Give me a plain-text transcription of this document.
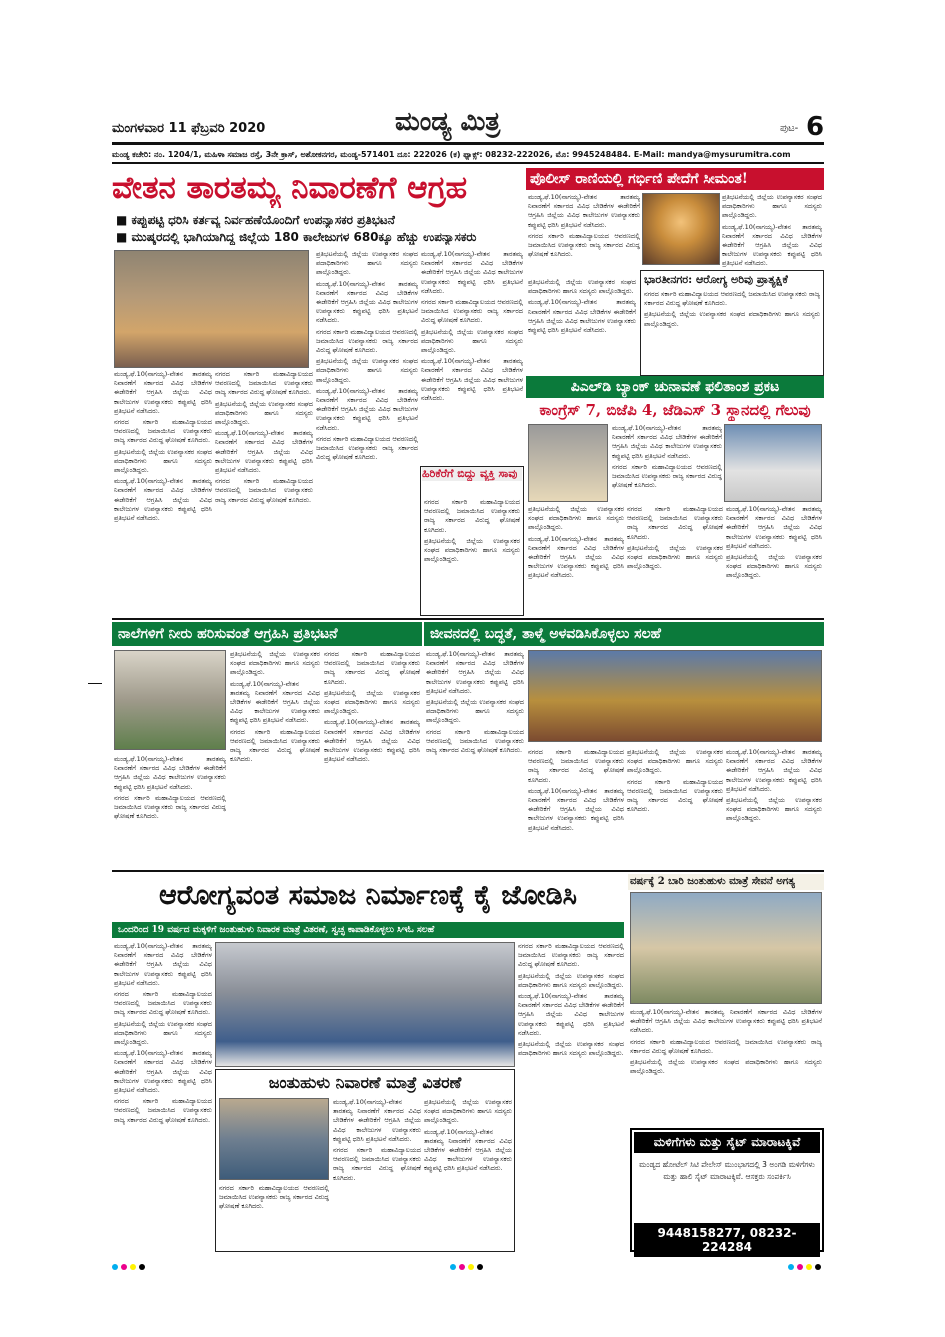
ಮಂಗಳವಾರ 11 ಫೆಬ್ರವರಿ 2020	ಮಂಡ್ಯ ಮಿತ್ರ	ಪುಟ- 6
ಮಂಡ್ಯ ಕಚೇರಿ: ನಂ. 1204/1, ಮಹಿಳಾ ಸಮಾಜ ರಸ್ತೆ, 3ನೇ ಕ್ರಾಸ್, ಅಶೋಕನಗರ, ಮಂಡ್ಯ-571401 ದೂ: 222026 (ಕ) ಫ್ಯಾಕ್ಸ್: 08232-222026, ಮೊ: 9945248484. E-Mail: mandya@mysurumitra.com
ವೇತನ ತಾರತಮ್ಯ ನಿವಾರಣೆಗೆ ಆಗ್ರಹ
■ ಕಪ್ಪುಪಟ್ಟಿ ಧರಿಸಿ ಕರ್ತವ್ಯ ನಿರ್ವಹಣೆಯೊಂದಿಗೆ ಉಪನ್ಯಾಸಕರ ಪ್ರತಿಭಟನೆ
■ ಮುಷ್ಕರದಲ್ಲಿ ಭಾಗಿಯಾಗಿದ್ದ ಜಿಲ್ಲೆಯ 180 ಕಾಲೇಜುಗಳ 680ಕ್ಕೂ ಹೆಚ್ಚು ಉಪನ್ಯಾಸಕರು

ಮಂಡ್ಯ,ಫೆ.10(ನಾಗಯ್ಯ)-ವೇತನ ತಾರತಮ್ಯ ನಿವಾರಣೆಗೆ ಸರ್ಕಾರದ ವಿವಿಧ ಬೇಡಿಕೆಗಳ ಈಡೇರಿಕೆಗೆ ಆಗ್ರಹಿಸಿ ಜಿಲ್ಲೆಯ ವಿವಿಧ ಕಾಲೇಜುಗಳ ಉಪನ್ಯಾಸಕರು ಕಪ್ಪುಪಟ್ಟಿ ಧರಿಸಿ ಪ್ರತಿಭಟನೆ ನಡೆಸಿದರು.

ನಗರದ ಸರ್ಕಾರಿ ಮಹಾವಿದ್ಯಾಲಯದ ಆವರಣದಲ್ಲಿ ಜಮಾಯಿಸಿದ ಉಪನ್ಯಾಸಕರು ರಾಜ್ಯ ಸರ್ಕಾರದ ವಿರುದ್ಧ ಘೋಷಣೆ ಕೂಗಿದರು.

ಪ್ರತಿಭಟನೆಯಲ್ಲಿ ಜಿಲ್ಲೆಯ ಉಪನ್ಯಾಸಕರ ಸಂಘದ ಪದಾಧಿಕಾರಿಗಳು ಹಾಗೂ ಸದಸ್ಯರು ಪಾಲ್ಗೊಂಡಿದ್ದರು.

ಮಂಡ್ಯ,ಫೆ.10(ನಾಗಯ್ಯ)-ವೇತನ ತಾರತಮ್ಯ ನಿವಾರಣೆಗೆ ಸರ್ಕಾರದ ವಿವಿಧ ಬೇಡಿಕೆಗಳ ಈಡೇರಿಕೆಗೆ ಆಗ್ರಹಿಸಿ ಜಿಲ್ಲೆಯ ವಿವಿಧ ಕಾಲೇಜುಗಳ ಉಪನ್ಯಾಸಕರು ಕಪ್ಪುಪಟ್ಟಿ ಧರಿಸಿ ಪ್ರತಿಭಟನೆ ನಡೆಸಿದರು.

ನಗರದ ಸರ್ಕಾರಿ ಮಹಾವಿದ್ಯಾಲಯದ ಆವರಣದಲ್ಲಿ ಜಮಾಯಿಸಿದ ಉಪನ್ಯಾಸಕರು ರಾಜ್ಯ ಸರ್ಕಾರದ ವಿರುದ್ಧ ಘೋಷಣೆ ಕೂಗಿದರು.

ಪ್ರತಿಭಟನೆಯಲ್ಲಿ ಜಿಲ್ಲೆಯ ಉಪನ್ಯಾಸಕರ ಸಂಘದ ಪದಾಧಿಕಾರಿಗಳು ಹಾಗೂ ಸದಸ್ಯರು ಪಾಲ್ಗೊಂಡಿದ್ದರು.

ಮಂಡ್ಯ,ಫೆ.10(ನಾಗಯ್ಯ)-ವೇತನ ತಾರತಮ್ಯ ನಿವಾರಣೆಗೆ ಸರ್ಕಾರದ ವಿವಿಧ ಬೇಡಿಕೆಗಳ ಈಡೇರಿಕೆಗೆ ಆಗ್ರಹಿಸಿ ಜಿಲ್ಲೆಯ ವಿವಿಧ ಕಾಲೇಜುಗಳ ಉಪನ್ಯಾಸಕರು ಕಪ್ಪುಪಟ್ಟಿ ಧರಿಸಿ ಪ್ರತಿಭಟನೆ ನಡೆಸಿದರು.

ನಗರದ ಸರ್ಕಾರಿ ಮಹಾವಿದ್ಯಾಲಯದ ಆವರಣದಲ್ಲಿ ಜಮಾಯಿಸಿದ ಉಪನ್ಯಾಸಕರು ರಾಜ್ಯ ಸರ್ಕಾರದ ವಿರುದ್ಧ ಘೋಷಣೆ ಕೂಗಿದರು.

ಪ್ರತಿಭಟನೆಯಲ್ಲಿ ಜಿಲ್ಲೆಯ ಉಪನ್ಯಾಸಕರ ಸಂಘದ ಪದಾಧಿಕಾರಿಗಳು ಹಾಗೂ ಸದಸ್ಯರು ಪಾಲ್ಗೊಂಡಿದ್ದರು.

ಮಂಡ್ಯ,ಫೆ.10(ನಾಗಯ್ಯ)-ವೇತನ ತಾರತಮ್ಯ ನಿವಾರಣೆಗೆ ಸರ್ಕಾರದ ವಿವಿಧ ಬೇಡಿಕೆಗಳ ಈಡೇರಿಕೆಗೆ ಆಗ್ರಹಿಸಿ ಜಿಲ್ಲೆಯ ವಿವಿಧ ಕಾಲೇಜುಗಳ ಉಪನ್ಯಾಸಕರು ಕಪ್ಪುಪಟ್ಟಿ ಧರಿಸಿ ಪ್ರತಿಭಟನೆ ನಡೆಸಿದರು.

ನಗರದ ಸರ್ಕಾರಿ ಮಹಾವಿದ್ಯಾಲಯದ ಆವರಣದಲ್ಲಿ ಜಮಾಯಿಸಿದ ಉಪನ್ಯಾಸಕರು ರಾಜ್ಯ ಸರ್ಕಾರದ ವಿರುದ್ಧ ಘೋಷಣೆ ಕೂಗಿದರು.

ಪ್ರತಿಭಟನೆಯಲ್ಲಿ ಜಿಲ್ಲೆಯ ಉಪನ್ಯಾಸಕರ ಸಂಘದ ಪದಾಧಿಕಾರಿಗಳು ಹಾಗೂ ಸದಸ್ಯರು ಪಾಲ್ಗೊಂಡಿದ್ದರು.

ಮಂಡ್ಯ,ಫೆ.10(ನಾಗಯ್ಯ)-ವೇತನ ತಾರತಮ್ಯ ನಿವಾರಣೆಗೆ ಸರ್ಕಾರದ ವಿವಿಧ ಬೇಡಿಕೆಗಳ ಈಡೇರಿಕೆಗೆ ಆಗ್ರಹಿಸಿ ಜಿಲ್ಲೆಯ ವಿವಿಧ ಕಾಲೇಜುಗಳ ಉಪನ್ಯಾಸಕರು ಕಪ್ಪುಪಟ್ಟಿ ಧರಿಸಿ ಪ್ರತಿಭಟನೆ ನಡೆಸಿದರು.

ನಗರದ ಸರ್ಕಾರಿ ಮಹಾವಿದ್ಯಾಲಯದ ಆವರಣದಲ್ಲಿ ಜಮಾಯಿಸಿದ ಉಪನ್ಯಾಸಕರು ರಾಜ್ಯ ಸರ್ಕಾರದ ವಿರುದ್ಧ ಘೋಷಣೆ ಕೂಗಿದರು.

ಮಂಡ್ಯ,ಫೆ.10(ನಾಗಯ್ಯ)-ವೇತನ ತಾರತಮ್ಯ ನಿವಾರಣೆಗೆ ಸರ್ಕಾರದ ವಿವಿಧ ಬೇಡಿಕೆಗಳ ಈಡೇರಿಕೆಗೆ ಆಗ್ರಹಿಸಿ ಜಿಲ್ಲೆಯ ವಿವಿಧ ಕಾಲೇಜುಗಳ ಉಪನ್ಯಾಸಕರು ಕಪ್ಪುಪಟ್ಟಿ ಧರಿಸಿ ಪ್ರತಿಭಟನೆ ನಡೆಸಿದರು.

ನಗರದ ಸರ್ಕಾರಿ ಮಹಾವಿದ್ಯಾಲಯದ ಆವರಣದಲ್ಲಿ ಜಮಾಯಿಸಿದ ಉಪನ್ಯಾಸಕರು ರಾಜ್ಯ ಸರ್ಕಾರದ ವಿರುದ್ಧ ಘೋಷಣೆ ಕೂಗಿದರು.

ಪ್ರತಿಭಟನೆಯಲ್ಲಿ ಜಿಲ್ಲೆಯ ಉಪನ್ಯಾಸಕರ ಸಂಘದ ಪದಾಧಿಕಾರಿಗಳು ಹಾಗೂ ಸದಸ್ಯರು ಪಾಲ್ಗೊಂಡಿದ್ದರು.

ಮಂಡ್ಯ,ಫೆ.10(ನಾಗಯ್ಯ)-ವೇತನ ತಾರತಮ್ಯ ನಿವಾರಣೆಗೆ ಸರ್ಕಾರದ ವಿವಿಧ ಬೇಡಿಕೆಗಳ ಈಡೇರಿಕೆಗೆ ಆಗ್ರಹಿಸಿ ಜಿಲ್ಲೆಯ ವಿವಿಧ ಕಾಲೇಜುಗಳ ಉಪನ್ಯಾಸಕರು ಕಪ್ಪುಪಟ್ಟಿ ಧರಿಸಿ ಪ್ರತಿಭಟನೆ ನಡೆಸಿದರು.

ಹಿರಿಕೆರೆಗೆ ಬಿದ್ದು ವ್ಯಕ್ತಿ ಸಾವು

ನಗರದ ಸರ್ಕಾರಿ ಮಹಾವಿದ್ಯಾಲಯದ ಆವರಣದಲ್ಲಿ ಜಮಾಯಿಸಿದ ಉಪನ್ಯಾಸಕರು ರಾಜ್ಯ ಸರ್ಕಾರದ ವಿರುದ್ಧ ಘೋಷಣೆ ಕೂಗಿದರು.

ಪ್ರತಿಭಟನೆಯಲ್ಲಿ ಜಿಲ್ಲೆಯ ಉಪನ್ಯಾಸಕರ ಸಂಘದ ಪದಾಧಿಕಾರಿಗಳು ಹಾಗೂ ಸದಸ್ಯರು ಪಾಲ್ಗೊಂಡಿದ್ದರು.

ಪೊಲೀಸ್ ರಾಣಿಯಲ್ಲಿ ಗರ್ಭಿಣಿ ಪೇದೆಗೆ ಸೀಮಂತ!

ಮಂಡ್ಯ,ಫೆ.10(ನಾಗಯ್ಯ)-ವೇತನ ತಾರತಮ್ಯ ನಿವಾರಣೆಗೆ ಸರ್ಕಾರದ ವಿವಿಧ ಬೇಡಿಕೆಗಳ ಈಡೇರಿಕೆಗೆ ಆಗ್ರಹಿಸಿ ಜಿಲ್ಲೆಯ ವಿವಿಧ ಕಾಲೇಜುಗಳ ಉಪನ್ಯಾಸಕರು ಕಪ್ಪುಪಟ್ಟಿ ಧರಿಸಿ ಪ್ರತಿಭಟನೆ ನಡೆಸಿದರು.

ನಗರದ ಸರ್ಕಾರಿ ಮಹಾವಿದ್ಯಾಲಯದ ಆವರಣದಲ್ಲಿ ಜಮಾಯಿಸಿದ ಉಪನ್ಯಾಸಕರು ರಾಜ್ಯ ಸರ್ಕಾರದ ವಿರುದ್ಧ ಘೋಷಣೆ ಕೂಗಿದರು.

ಪ್ರತಿಭಟನೆಯಲ್ಲಿ ಜಿಲ್ಲೆಯ ಉಪನ್ಯಾಸಕರ ಸಂಘದ ಪದಾಧಿಕಾರಿಗಳು ಹಾಗೂ ಸದಸ್ಯರು ಪಾಲ್ಗೊಂಡಿದ್ದರು.

ಮಂಡ್ಯ,ಫೆ.10(ನಾಗಯ್ಯ)-ವೇತನ ತಾರತಮ್ಯ ನಿವಾರಣೆಗೆ ಸರ್ಕಾರದ ವಿವಿಧ ಬೇಡಿಕೆಗಳ ಈಡೇರಿಕೆಗೆ ಆಗ್ರಹಿಸಿ ಜಿಲ್ಲೆಯ ವಿವಿಧ ಕಾಲೇಜುಗಳ ಉಪನ್ಯಾಸಕರು ಕಪ್ಪುಪಟ್ಟಿ ಧರಿಸಿ ಪ್ರತಿಭಟನೆ ನಡೆಸಿದರು.

ಭಾರತೀನಗರ: ಆರೋಗ್ಯ ಅರಿವು ಪ್ರಾತ್ಯಕ್ಷಿಕೆ

ನಗರದ ಸರ್ಕಾರಿ ಮಹಾವಿದ್ಯಾಲಯದ ಆವರಣದಲ್ಲಿ ಜಮಾಯಿಸಿದ ಉಪನ್ಯಾಸಕರು ರಾಜ್ಯ ಸರ್ಕಾರದ ವಿರುದ್ಧ ಘೋಷಣೆ ಕೂಗಿದರು.

ಪ್ರತಿಭಟನೆಯಲ್ಲಿ ಜಿಲ್ಲೆಯ ಉಪನ್ಯಾಸಕರ ಸಂಘದ ಪದಾಧಿಕಾರಿಗಳು ಹಾಗೂ ಸದಸ್ಯರು ಪಾಲ್ಗೊಂಡಿದ್ದರು.

ಪ್ರತಿಭಟನೆಯಲ್ಲಿ ಜಿಲ್ಲೆಯ ಉಪನ್ಯಾಸಕರ ಸಂಘದ ಪದಾಧಿಕಾರಿಗಳು ಹಾಗೂ ಸದಸ್ಯರು ಪಾಲ್ಗೊಂಡಿದ್ದರು.

ಮಂಡ್ಯ,ಫೆ.10(ನಾಗಯ್ಯ)-ವೇತನ ತಾರತಮ್ಯ ನಿವಾರಣೆಗೆ ಸರ್ಕಾರದ ವಿವಿಧ ಬೇಡಿಕೆಗಳ ಈಡೇರಿಕೆಗೆ ಆಗ್ರಹಿಸಿ ಜಿಲ್ಲೆಯ ವಿವಿಧ ಕಾಲೇಜುಗಳ ಉಪನ್ಯಾಸಕರು ಕಪ್ಪುಪಟ್ಟಿ ಧರಿಸಿ ಪ್ರತಿಭಟನೆ ನಡೆಸಿದರು.

ಪಿಎಲ್‌ಡಿ ಬ್ಯಾಂಕ್ ಚುನಾವಣೆ ಫಲಿತಾಂಶ ಪ್ರಕಟ
ಕಾಂಗ್ರೆಸ್ 7, ಬಿಜೆಪಿ 4, ಜೆಡಿಎಸ್ 3 ಸ್ಥಾನದಲ್ಲಿ ಗೆಲುವು

ಮಂಡ್ಯ,ಫೆ.10(ನಾಗಯ್ಯ)-ವೇತನ ತಾರತಮ್ಯ ನಿವಾರಣೆಗೆ ಸರ್ಕಾರದ ವಿವಿಧ ಬೇಡಿಕೆಗಳ ಈಡೇರಿಕೆಗೆ ಆಗ್ರಹಿಸಿ ಜಿಲ್ಲೆಯ ವಿವಿಧ ಕಾಲೇಜುಗಳ ಉಪನ್ಯಾಸಕರು ಕಪ್ಪುಪಟ್ಟಿ ಧರಿಸಿ ಪ್ರತಿಭಟನೆ ನಡೆಸಿದರು.

ನಗರದ ಸರ್ಕಾರಿ ಮಹಾವಿದ್ಯಾಲಯದ ಆವರಣದಲ್ಲಿ ಜಮಾಯಿಸಿದ ಉಪನ್ಯಾಸಕರು ರಾಜ್ಯ ಸರ್ಕಾರದ ವಿರುದ್ಧ ಘೋಷಣೆ ಕೂಗಿದರು.

ಪ್ರತಿಭಟನೆಯಲ್ಲಿ ಜಿಲ್ಲೆಯ ಉಪನ್ಯಾಸಕರ ಸಂಘದ ಪದಾಧಿಕಾರಿಗಳು ಹಾಗೂ ಸದಸ್ಯರು ಪಾಲ್ಗೊಂಡಿದ್ದರು.

ಮಂಡ್ಯ,ಫೆ.10(ನಾಗಯ್ಯ)-ವೇತನ ತಾರತಮ್ಯ ನಿವಾರಣೆಗೆ ಸರ್ಕಾರದ ವಿವಿಧ ಬೇಡಿಕೆಗಳ ಈಡೇರಿಕೆಗೆ ಆಗ್ರಹಿಸಿ ಜಿಲ್ಲೆಯ ವಿವಿಧ ಕಾಲೇಜುಗಳ ಉಪನ್ಯಾಸಕರು ಕಪ್ಪುಪಟ್ಟಿ ಧರಿಸಿ ಪ್ರತಿಭಟನೆ ನಡೆಸಿದರು.

ನಗರದ ಸರ್ಕಾರಿ ಮಹಾವಿದ್ಯಾಲಯದ ಆವರಣದಲ್ಲಿ ಜಮಾಯಿಸಿದ ಉಪನ್ಯಾಸಕರು ರಾಜ್ಯ ಸರ್ಕಾರದ ವಿರುದ್ಧ ಘೋಷಣೆ ಕೂಗಿದರು.

ಪ್ರತಿಭಟನೆಯಲ್ಲಿ ಜಿಲ್ಲೆಯ ಉಪನ್ಯಾಸಕರ ಸಂಘದ ಪದಾಧಿಕಾರಿಗಳು ಹಾಗೂ ಸದಸ್ಯರು ಪಾಲ್ಗೊಂಡಿದ್ದರು.

ಮಂಡ್ಯ,ಫೆ.10(ನಾಗಯ್ಯ)-ವೇತನ ತಾರತಮ್ಯ ನಿವಾರಣೆಗೆ ಸರ್ಕಾರದ ವಿವಿಧ ಬೇಡಿಕೆಗಳ ಈಡೇರಿಕೆಗೆ ಆಗ್ರಹಿಸಿ ಜಿಲ್ಲೆಯ ವಿವಿಧ ಕಾಲೇಜುಗಳ ಉಪನ್ಯಾಸಕರು ಕಪ್ಪುಪಟ್ಟಿ ಧರಿಸಿ ಪ್ರತಿಭಟನೆ ನಡೆಸಿದರು.

ಪ್ರತಿಭಟನೆಯಲ್ಲಿ ಜಿಲ್ಲೆಯ ಉಪನ್ಯಾಸಕರ ಸಂಘದ ಪದಾಧಿಕಾರಿಗಳು ಹಾಗೂ ಸದಸ್ಯರು ಪಾಲ್ಗೊಂಡಿದ್ದರು.

ನಾಲೆಗಳಿಗೆ ನೀರು ಹರಿಸುವಂತೆ ಆಗ್ರಹಿಸಿ ಪ್ರತಿಭಟನೆ	ಜೀವನದಲ್ಲಿ ಬದ್ಧತೆ, ತಾಳ್ಮೆ ಅಳವಡಿಸಿಕೊಳ್ಳಲು ಸಲಹೆ

ಮಂಡ್ಯ,ಫೆ.10(ನಾಗಯ್ಯ)-ವೇತನ ತಾರತಮ್ಯ ನಿವಾರಣೆಗೆ ಸರ್ಕಾರದ ವಿವಿಧ ಬೇಡಿಕೆಗಳ ಈಡೇರಿಕೆಗೆ ಆಗ್ರಹಿಸಿ ಜಿಲ್ಲೆಯ ವಿವಿಧ ಕಾಲೇಜುಗಳ ಉಪನ್ಯಾಸಕರು ಕಪ್ಪುಪಟ್ಟಿ ಧರಿಸಿ ಪ್ರತಿಭಟನೆ ನಡೆಸಿದರು.

ನಗರದ ಸರ್ಕಾರಿ ಮಹಾವಿದ್ಯಾಲಯದ ಆವರಣದಲ್ಲಿ ಜಮಾಯಿಸಿದ ಉಪನ್ಯಾಸಕರು ರಾಜ್ಯ ಸರ್ಕಾರದ ವಿರುದ್ಧ ಘೋಷಣೆ ಕೂಗಿದರು.

ಪ್ರತಿಭಟನೆಯಲ್ಲಿ ಜಿಲ್ಲೆಯ ಉಪನ್ಯಾಸಕರ ಸಂಘದ ಪದಾಧಿಕಾರಿಗಳು ಹಾಗೂ ಸದಸ್ಯರು ಪಾಲ್ಗೊಂಡಿದ್ದರು.

ಮಂಡ್ಯ,ಫೆ.10(ನಾಗಯ್ಯ)-ವೇತನ ತಾರತಮ್ಯ ನಿವಾರಣೆಗೆ ಸರ್ಕಾರದ ವಿವಿಧ ಬೇಡಿಕೆಗಳ ಈಡೇರಿಕೆಗೆ ಆಗ್ರಹಿಸಿ ಜಿಲ್ಲೆಯ ವಿವಿಧ ಕಾಲೇಜುಗಳ ಉಪನ್ಯಾಸಕರು ಕಪ್ಪುಪಟ್ಟಿ ಧರಿಸಿ ಪ್ರತಿಭಟನೆ ನಡೆಸಿದರು.

ನಗರದ ಸರ್ಕಾರಿ ಮಹಾವಿದ್ಯಾಲಯದ ಆವರಣದಲ್ಲಿ ಜಮಾಯಿಸಿದ ಉಪನ್ಯಾಸಕರು ರಾಜ್ಯ ಸರ್ಕಾರದ ವಿರುದ್ಧ ಘೋಷಣೆ ಕೂಗಿದರು.

ನಗರದ ಸರ್ಕಾರಿ ಮಹಾವಿದ್ಯಾಲಯದ ಆವರಣದಲ್ಲಿ ಜಮಾಯಿಸಿದ ಉಪನ್ಯಾಸಕರು ರಾಜ್ಯ ಸರ್ಕಾರದ ವಿರುದ್ಧ ಘೋಷಣೆ ಕೂಗಿದರು.

ಪ್ರತಿಭಟನೆಯಲ್ಲಿ ಜಿಲ್ಲೆಯ ಉಪನ್ಯಾಸಕರ ಸಂಘದ ಪದಾಧಿಕಾರಿಗಳು ಹಾಗೂ ಸದಸ್ಯರು ಪಾಲ್ಗೊಂಡಿದ್ದರು.

ಮಂಡ್ಯ,ಫೆ.10(ನಾಗಯ್ಯ)-ವೇತನ ತಾರತಮ್ಯ ನಿವಾರಣೆಗೆ ಸರ್ಕಾರದ ವಿವಿಧ ಬೇಡಿಕೆಗಳ ಈಡೇರಿಕೆಗೆ ಆಗ್ರಹಿಸಿ ಜಿಲ್ಲೆಯ ವಿವಿಧ ಕಾಲೇಜುಗಳ ಉಪನ್ಯಾಸಕರು ಕಪ್ಪುಪಟ್ಟಿ ಧರಿಸಿ ಪ್ರತಿಭಟನೆ ನಡೆಸಿದರು.

ಮಂಡ್ಯ,ಫೆ.10(ನಾಗಯ್ಯ)-ವೇತನ ತಾರತಮ್ಯ ನಿವಾರಣೆಗೆ ಸರ್ಕಾರದ ವಿವಿಧ ಬೇಡಿಕೆಗಳ ಈಡೇರಿಕೆಗೆ ಆಗ್ರಹಿಸಿ ಜಿಲ್ಲೆಯ ವಿವಿಧ ಕಾಲೇಜುಗಳ ಉಪನ್ಯಾಸಕರು ಕಪ್ಪುಪಟ್ಟಿ ಧರಿಸಿ ಪ್ರತಿಭಟನೆ ನಡೆಸಿದರು.

ಪ್ರತಿಭಟನೆಯಲ್ಲಿ ಜಿಲ್ಲೆಯ ಉಪನ್ಯಾಸಕರ ಸಂಘದ ಪದಾಧಿಕಾರಿಗಳು ಹಾಗೂ ಸದಸ್ಯರು ಪಾಲ್ಗೊಂಡಿದ್ದರು.

ನಗರದ ಸರ್ಕಾರಿ ಮಹಾವಿದ್ಯಾಲಯದ ಆವರಣದಲ್ಲಿ ಜಮಾಯಿಸಿದ ಉಪನ್ಯಾಸಕರು ರಾಜ್ಯ ಸರ್ಕಾರದ ವಿರುದ್ಧ ಘೋಷಣೆ ಕೂಗಿದರು. ನಗರದ ಸರ್ಕಾರಿ ಮಹಾವಿದ್ಯಾಲಯದ ಆವರಣದಲ್ಲಿ ಜಮಾಯಿಸಿದ ಉಪನ್ಯಾಸಕರು ರಾಜ್ಯ ಸರ್ಕಾರದ ವಿರುದ್ಧ ಘೋಷಣೆ ಕೂಗಿದರು.

ಮಂಡ್ಯ,ಫೆ.10(ನಾಗಯ್ಯ)-ವೇತನ ತಾರತಮ್ಯ ನಿವಾರಣೆಗೆ ಸರ್ಕಾರದ ವಿವಿಧ ಬೇಡಿಕೆಗಳ ಈಡೇರಿಕೆಗೆ ಆಗ್ರಹಿಸಿ ಜಿಲ್ಲೆಯ ವಿವಿಧ ಕಾಲೇಜುಗಳ ಉಪನ್ಯಾಸಕರು ಕಪ್ಪುಪಟ್ಟಿ ಧರಿಸಿ ಪ್ರತಿಭಟನೆ ನಡೆಸಿದರು.

ಪ್ರತಿಭಟನೆಯಲ್ಲಿ ಜಿಲ್ಲೆಯ ಉಪನ್ಯಾಸಕರ ಸಂಘದ ಪದಾಧಿಕಾರಿಗಳು ಹಾಗೂ ಸದಸ್ಯರು ಪಾಲ್ಗೊಂಡಿದ್ದರು.

ನಗರದ ಸರ್ಕಾರಿ ಮಹಾವಿದ್ಯಾಲಯದ ಆವರಣದಲ್ಲಿ ಜಮಾಯಿಸಿದ ಉಪನ್ಯಾಸಕರು ರಾಜ್ಯ ಸರ್ಕಾರದ ವಿರುದ್ಧ ಘೋಷಣೆ ಕೂಗಿದರು.

ಮಂಡ್ಯ,ಫೆ.10(ನಾಗಯ್ಯ)-ವೇತನ ತಾರತಮ್ಯ ನಿವಾರಣೆಗೆ ಸರ್ಕಾರದ ವಿವಿಧ ಬೇಡಿಕೆಗಳ ಈಡೇರಿಕೆಗೆ ಆಗ್ರಹಿಸಿ ಜಿಲ್ಲೆಯ ವಿವಿಧ ಕಾಲೇಜುಗಳ ಉಪನ್ಯಾಸಕರು ಕಪ್ಪುಪಟ್ಟಿ ಧರಿಸಿ ಪ್ರತಿಭಟನೆ ನಡೆಸಿದರು.

ಪ್ರತಿಭಟನೆಯಲ್ಲಿ ಜಿಲ್ಲೆಯ ಉಪನ್ಯಾಸಕರ ಸಂಘದ ಪದಾಧಿಕಾರಿಗಳು ಹಾಗೂ ಸದಸ್ಯರು ಪಾಲ್ಗೊಂಡಿದ್ದರು.

ಆರೋಗ್ಯವಂತ ಸಮಾಜ ನಿರ್ಮಾಣಕ್ಕೆ ಕೈ ಜೋಡಿಸಿ
ಒಂದರಿಂದ 19 ವರ್ಷದ ಮಕ್ಕಳಿಗೆ ಜಂತುಹುಳು ನಿವಾರಕ ಮಾತ್ರೆ ವಿತರಣೆ, ಸ್ವಚ್ಛ ಕಾಪಾಡಿಕೊಳ್ಳಲು ಸಿಇಓ ಸಲಹೆ

ಮಂಡ್ಯ,ಫೆ.10(ನಾಗಯ್ಯ)-ವೇತನ ತಾರತಮ್ಯ ನಿವಾರಣೆಗೆ ಸರ್ಕಾರದ ವಿವಿಧ ಬೇಡಿಕೆಗಳ ಈಡೇರಿಕೆಗೆ ಆಗ್ರಹಿಸಿ ಜಿಲ್ಲೆಯ ವಿವಿಧ ಕಾಲೇಜುಗಳ ಉಪನ್ಯಾಸಕರು ಕಪ್ಪುಪಟ್ಟಿ ಧರಿಸಿ ಪ್ರತಿಭಟನೆ ನಡೆಸಿದರು.

ನಗರದ ಸರ್ಕಾರಿ ಮಹಾವಿದ್ಯಾಲಯದ ಆವರಣದಲ್ಲಿ ಜಮಾಯಿಸಿದ ಉಪನ್ಯಾಸಕರು ರಾಜ್ಯ ಸರ್ಕಾರದ ವಿರುದ್ಧ ಘೋಷಣೆ ಕೂಗಿದರು.

ಪ್ರತಿಭಟನೆಯಲ್ಲಿ ಜಿಲ್ಲೆಯ ಉಪನ್ಯಾಸಕರ ಸಂಘದ ಪದಾಧಿಕಾರಿಗಳು ಹಾಗೂ ಸದಸ್ಯರು ಪಾಲ್ಗೊಂಡಿದ್ದರು.

ಮಂಡ್ಯ,ಫೆ.10(ನಾಗಯ್ಯ)-ವೇತನ ತಾರತಮ್ಯ ನಿವಾರಣೆಗೆ ಸರ್ಕಾರದ ವಿವಿಧ ಬೇಡಿಕೆಗಳ ಈಡೇರಿಕೆಗೆ ಆಗ್ರಹಿಸಿ ಜಿಲ್ಲೆಯ ವಿವಿಧ ಕಾಲೇಜುಗಳ ಉಪನ್ಯಾಸಕರು ಕಪ್ಪುಪಟ್ಟಿ ಧರಿಸಿ ಪ್ರತಿಭಟನೆ ನಡೆಸಿದರು.

ನಗರದ ಸರ್ಕಾರಿ ಮಹಾವಿದ್ಯಾಲಯದ ಆವರಣದಲ್ಲಿ ಜಮಾಯಿಸಿದ ಉಪನ್ಯಾಸಕರು ರಾಜ್ಯ ಸರ್ಕಾರದ ವಿರುದ್ಧ ಘೋಷಣೆ ಕೂಗಿದರು.

ನಗರದ ಸರ್ಕಾರಿ ಮಹಾವಿದ್ಯಾಲಯದ ಆವರಣದಲ್ಲಿ ಜಮಾಯಿಸಿದ ಉಪನ್ಯಾಸಕರು ರಾಜ್ಯ ಸರ್ಕಾರದ ವಿರುದ್ಧ ಘೋಷಣೆ ಕೂಗಿದರು.

ಪ್ರತಿಭಟನೆಯಲ್ಲಿ ಜಿಲ್ಲೆಯ ಉಪನ್ಯಾಸಕರ ಸಂಘದ ಪದಾಧಿಕಾರಿಗಳು ಹಾಗೂ ಸದಸ್ಯರು ಪಾಲ್ಗೊಂಡಿದ್ದರು.

ಮಂಡ್ಯ,ಫೆ.10(ನಾಗಯ್ಯ)-ವೇತನ ತಾರತಮ್ಯ ನಿವಾರಣೆಗೆ ಸರ್ಕಾರದ ವಿವಿಧ ಬೇಡಿಕೆಗಳ ಈಡೇರಿಕೆಗೆ ಆಗ್ರಹಿಸಿ ಜಿಲ್ಲೆಯ ವಿವಿಧ ಕಾಲೇಜುಗಳ ಉಪನ್ಯಾಸಕರು ಕಪ್ಪುಪಟ್ಟಿ ಧರಿಸಿ ಪ್ರತಿಭಟನೆ ನಡೆಸಿದರು.

ಪ್ರತಿಭಟನೆಯಲ್ಲಿ ಜಿಲ್ಲೆಯ ಉಪನ್ಯಾಸಕರ ಸಂಘದ ಪದಾಧಿಕಾರಿಗಳು ಹಾಗೂ ಸದಸ್ಯರು ಪಾಲ್ಗೊಂಡಿದ್ದರು.

ಜಂತುಹುಳು ನಿವಾರಣೆ ಮಾತ್ರೆ ವಿತರಣೆ

ಮಂಡ್ಯ,ಫೆ.10(ನಾಗಯ್ಯ)-ವೇತನ ತಾರತಮ್ಯ ನಿವಾರಣೆಗೆ ಸರ್ಕಾರದ ವಿವಿಧ ಬೇಡಿಕೆಗಳ ಈಡೇರಿಕೆಗೆ ಆಗ್ರಹಿಸಿ ಜಿಲ್ಲೆಯ ವಿವಿಧ ಕಾಲೇಜುಗಳ ಉಪನ್ಯಾಸಕರು ಕಪ್ಪುಪಟ್ಟಿ ಧರಿಸಿ ಪ್ರತಿಭಟನೆ ನಡೆಸಿದರು.

ನಗರದ ಸರ್ಕಾರಿ ಮಹಾವಿದ್ಯಾಲಯದ ಆವರಣದಲ್ಲಿ ಜಮಾಯಿಸಿದ ಉಪನ್ಯಾಸಕರು ರಾಜ್ಯ ಸರ್ಕಾರದ ವಿರುದ್ಧ ಘೋಷಣೆ ಕೂಗಿದರು.

ಪ್ರತಿಭಟನೆಯಲ್ಲಿ ಜಿಲ್ಲೆಯ ಉಪನ್ಯಾಸಕರ ಸಂಘದ ಪದಾಧಿಕಾರಿಗಳು ಹಾಗೂ ಸದಸ್ಯರು ಪಾಲ್ಗೊಂಡಿದ್ದರು.

ಮಂಡ್ಯ,ಫೆ.10(ನಾಗಯ್ಯ)-ವೇತನ ತಾರತಮ್ಯ ನಿವಾರಣೆಗೆ ಸರ್ಕಾರದ ವಿವಿಧ ಬೇಡಿಕೆಗಳ ಈಡೇರಿಕೆಗೆ ಆಗ್ರಹಿಸಿ ಜಿಲ್ಲೆಯ ವಿವಿಧ ಕಾಲೇಜುಗಳ ಉಪನ್ಯಾಸಕರು ಕಪ್ಪುಪಟ್ಟಿ ಧರಿಸಿ ಪ್ರತಿಭಟನೆ ನಡೆಸಿದರು.

ನಗರದ ಸರ್ಕಾರಿ ಮಹಾವಿದ್ಯಾಲಯದ ಆವರಣದಲ್ಲಿ ಜಮಾಯಿಸಿದ ಉಪನ್ಯಾಸಕರು ರಾಜ್ಯ ಸರ್ಕಾರದ ವಿರುದ್ಧ ಘೋಷಣೆ ಕೂಗಿದರು.

ವರ್ಷಕ್ಕೆ 2 ಬಾರಿ ಜಂತುಹುಳು ಮಾತ್ರೆ ಸೇವನೆ ಅಗತ್ಯ

ಮಂಡ್ಯ,ಫೆ.10(ನಾಗಯ್ಯ)-ವೇತನ ತಾರತಮ್ಯ ನಿವಾರಣೆಗೆ ಸರ್ಕಾರದ ವಿವಿಧ ಬೇಡಿಕೆಗಳ ಈಡೇರಿಕೆಗೆ ಆಗ್ರಹಿಸಿ ಜಿಲ್ಲೆಯ ವಿವಿಧ ಕಾಲೇಜುಗಳ ಉಪನ್ಯಾಸಕರು ಕಪ್ಪುಪಟ್ಟಿ ಧರಿಸಿ ಪ್ರತಿಭಟನೆ ನಡೆಸಿದರು.

ನಗರದ ಸರ್ಕಾರಿ ಮಹಾವಿದ್ಯಾಲಯದ ಆವರಣದಲ್ಲಿ ಜಮಾಯಿಸಿದ ಉಪನ್ಯಾಸಕರು ರಾಜ್ಯ ಸರ್ಕಾರದ ವಿರುದ್ಧ ಘೋಷಣೆ ಕೂಗಿದರು.

ಪ್ರತಿಭಟನೆಯಲ್ಲಿ ಜಿಲ್ಲೆಯ ಉಪನ್ಯಾಸಕರ ಸಂಘದ ಪದಾಧಿಕಾರಿಗಳು ಹಾಗೂ ಸದಸ್ಯರು ಪಾಲ್ಗೊಂಡಿದ್ದರು.

ಮಳಿಗೆಗಳು ಮತ್ತು ಸೈಟ್ ಮಾರಾಟಕ್ಕಿವೆ
ಮಂಡ್ಯದ ಹೋಟೆಲ್ ಸಿಟಿ ಪೇಲೇಸ್ ಮುಂಭಾಗದಲ್ಲಿ 3 ಅಂಗಡಿ ಮಳಿಗೆಗಳು ಮತ್ತು ಹಾಲಿ ಸೈಟ್ ಮಾರಾಟಕ್ಕಿವೆ. ಆಸಕ್ತರು ಸಂಪರ್ಕಿಸಿ
9448158277, 08232-224284
